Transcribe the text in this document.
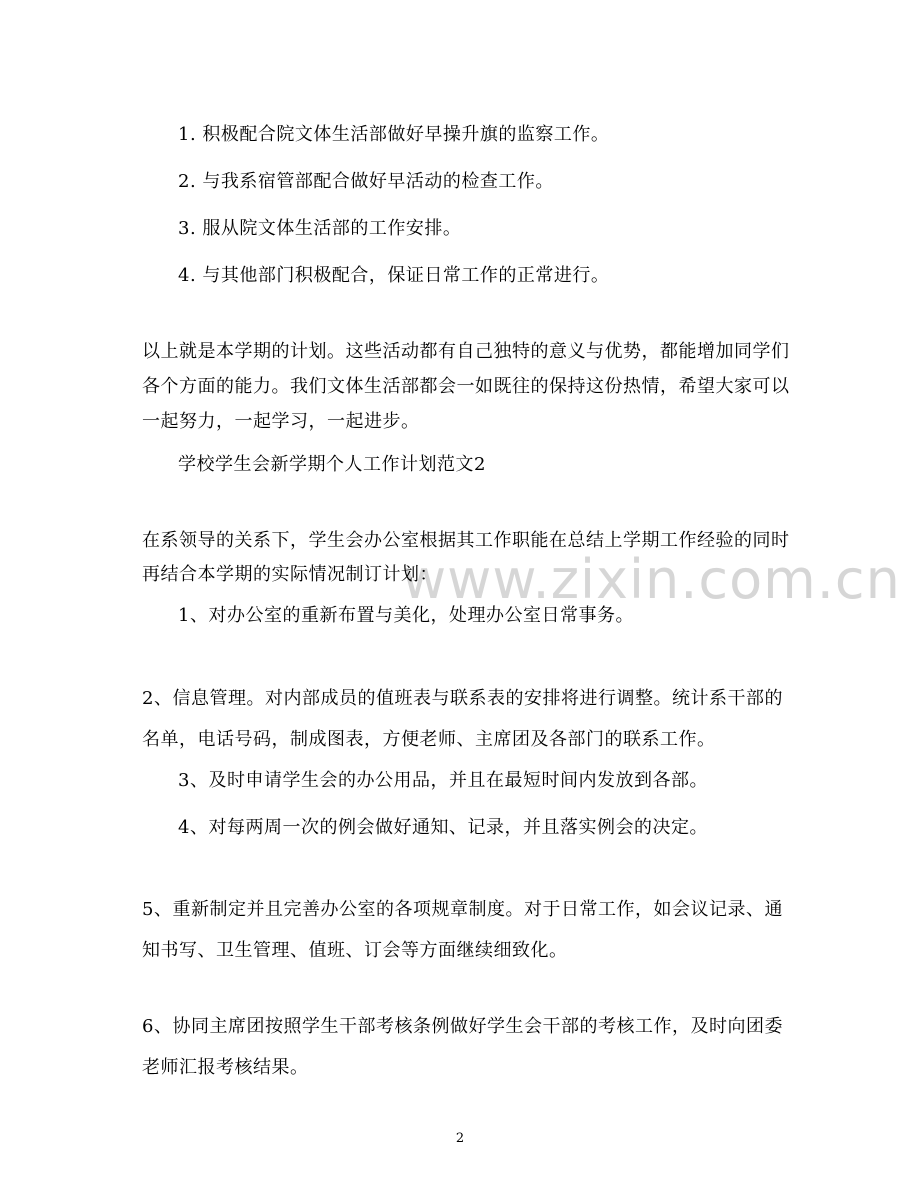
www.zixin.com.cn
1. 积极配合院文体生活部做好早操升旗的监察工作。
2. 与我系宿管部配合做好早活动的检查工作。
3. 服从院文体生活部的工作安排。
4. 与其他部门积极配合，保证日常工作的正常进行。
以上就是本学期的计划。这些活动都有自己独特的意义与优势，都能增加同学们
各个方面的能力。我们文体生活部都会一如既往的保持这份热情，希望大家可以
一起努力，一起学习，一起进步。
学校学生会新学期个人工作计划范文2
在系领导的关系下，学生会办公室根据其工作职能在总结上学期工作经验的同时
再结合本学期的实际情况制订计划：
1、对办公室的重新布置与美化，处理办公室日常事务。
2、信息管理。对内部成员的值班表与联系表的安排将进行调整。统计系干部的
名单，电话号码，制成图表，方便老师、主席团及各部门的联系工作。
3、及时申请学生会的办公用品，并且在最短时间内发放到各部。
4、对每两周一次的例会做好通知、记录，并且落实例会的决定。
5、重新制定并且完善办公室的各项规章制度。对于日常工作，如会议记录、通
知书写、卫生管理、值班、订会等方面继续细致化。
6、协同主席团按照学生干部考核条例做好学生会干部的考核工作，及时向团委
老师汇报考核结果。
2
